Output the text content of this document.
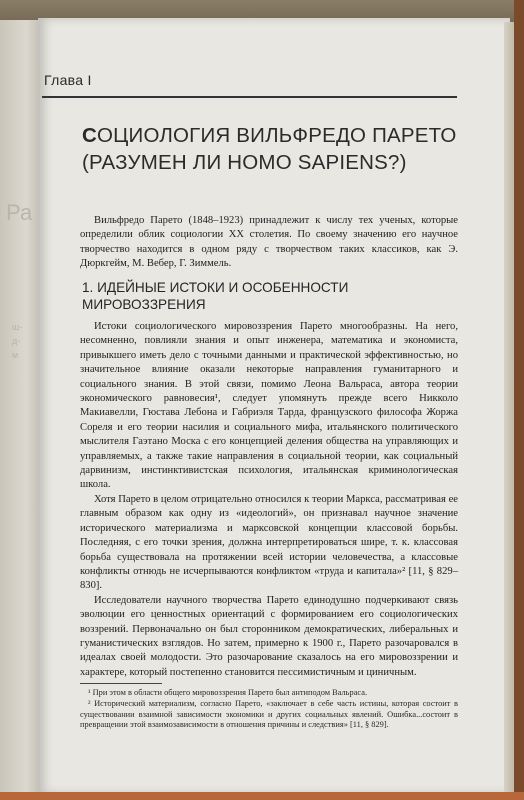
Ра
ш-
д-
м
Глава I
СОЦИОЛОГИЯ ВИЛЬФРЕДО ПАРЕТО (РАЗУМЕН ЛИ HOMO SAPIENS?)

Вильфредо Парето (1848–1923) принадлежит к числу тех ученых, которые определили облик социологии XX столетия. По своему значению его научное творчество находится в одном ряду с творчеством таких классиков, как Э. Дюркгейм, М. Вебер, Г. Зиммель.

1. ИДЕЙНЫЕ ИСТОКИ И ОСОБЕННОСТИ МИРОВОЗЗРЕНИЯ

Истоки социологического мировоззрения Парето многообразны. На него, несомненно, повлияли знания и опыт инженера, математика и экономиста, привыкшего иметь дело с точными данными и практической эффективностью, но значительное влияние оказали некоторые направления гуманитарного и социального знания. В этой связи, помимо Леона Вальраса, автора теории экономического равновесия¹, следует упомянуть прежде всего Никколо Макиавелли, Гюстава Лебона и Габриэля Тарда, французского философа Жоржа Сореля и его теории насилия и социального мифа, итальянского политического мыслителя Гаэтано Моска с его концепцией деления общества на управляющих и управляемых, а также такие направления в социальной теории, как социальный дарвинизм, инстинктивистская психология, итальянская криминологическая школа.

Хотя Парето в целом отрицательно относился к теории Маркса, рассматривая ее главным образом как одну из «идеологий», он признавал научное значение исторического материализма и марксовской концепции классовой борьбы. Последняя, с его точки зрения, должна интерпретироваться шире, т. к. классовая борьба существовала на протяжении всей истории человечества, а классовые конфликты отнюдь не исчерпываются конфликтом «труда и капитала»² [11, § 829–830].

Исследователи научного творчества Парето единодушно подчеркивают связь эволюции его ценностных ориентаций с формированием его социологических воззрений. Первоначально он был сторонником демократических, либеральных и гуманистических взглядов. Но затем, примерно к 1900 г., Парето разочаровался в идеалах своей молодости. Это разочарование сказалось на его мировоззрении и характере, который постепенно становится пессимистичным и циничным.

¹ При этом в области общего мировоззрения Парето был антиподом Вальраса.

² Исторический материализм, согласно Парето, «заключает в себе часть истины, которая состоит в существовании взаимной зависимости экономики и других социальных явлений. Ошибка...состоит в превращении этой взаимозависимости в отношения причины и следствия» [11, § 829].
